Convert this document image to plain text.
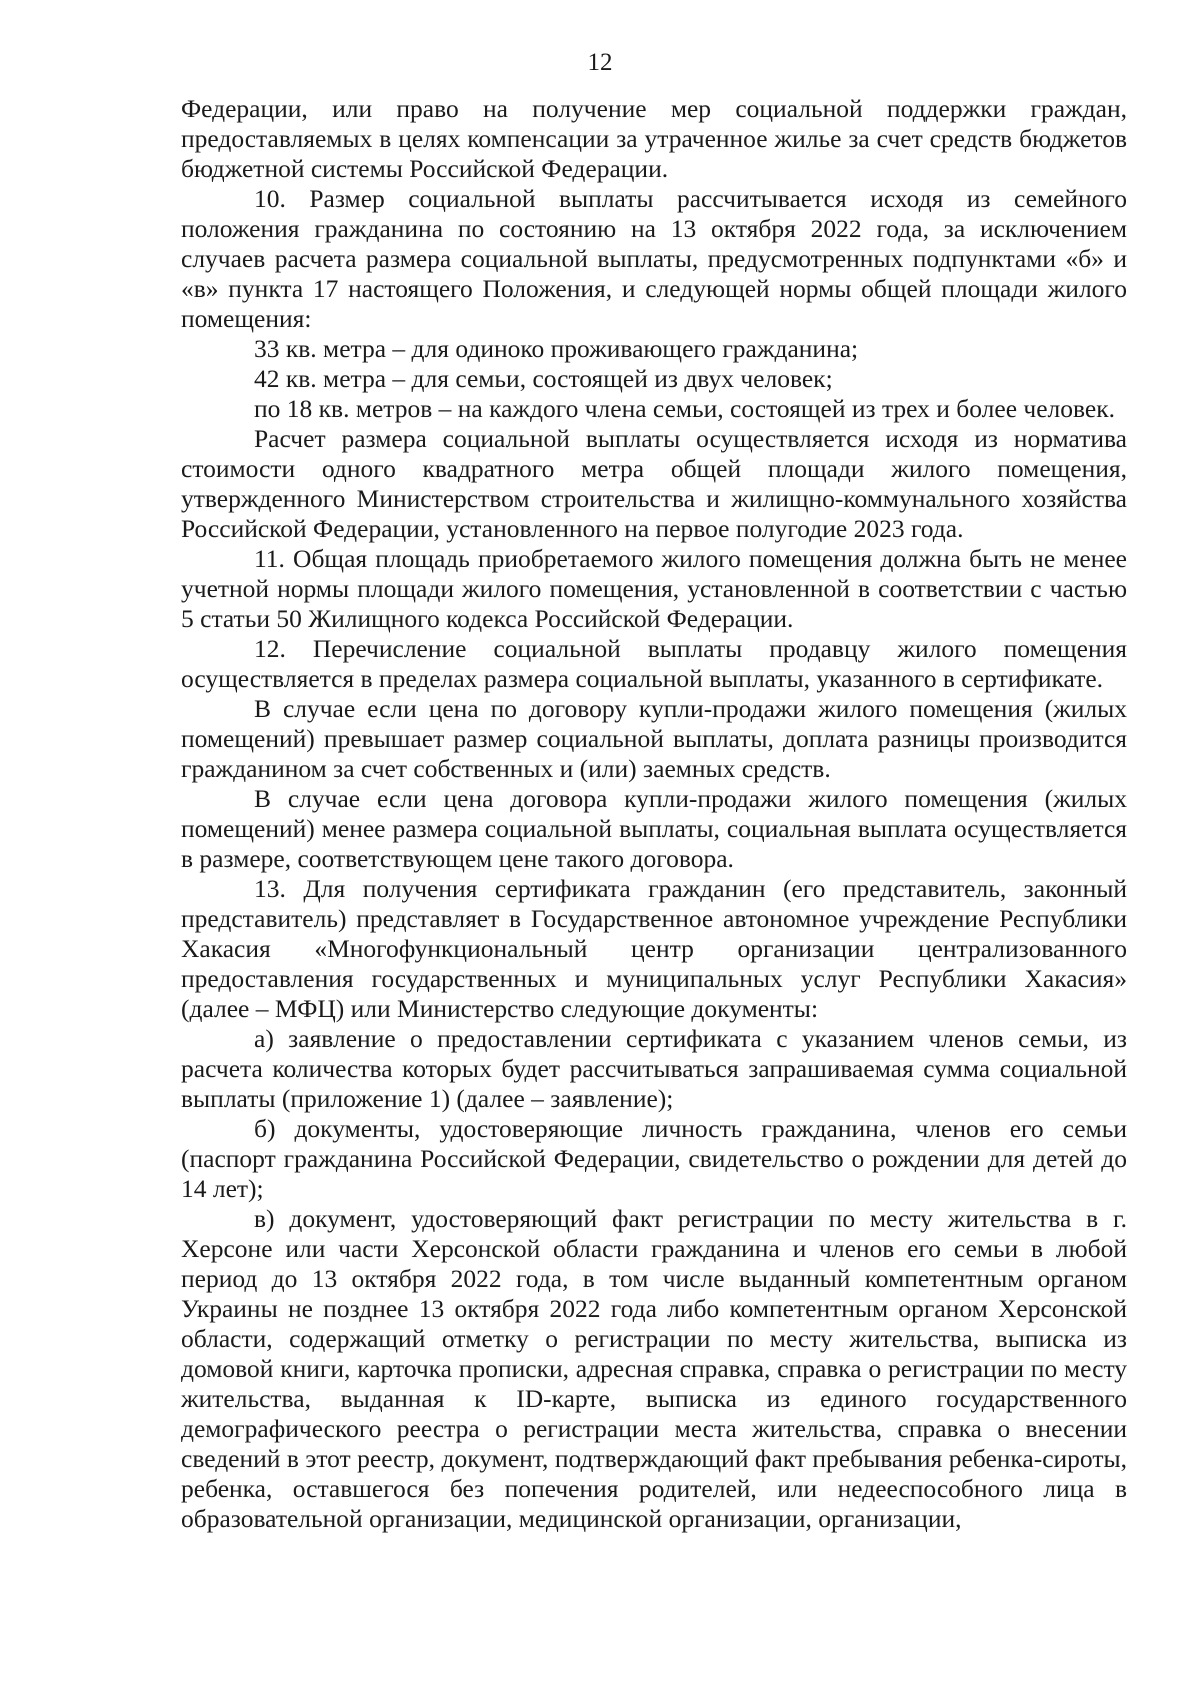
12

Федерации, или право на получение мер социальной поддержки граждан, предоставляемых в целях компенсации за утраченное жилье за счет средств бюджетов бюджетной системы Российской Федерации.

10. Размер социальной выплаты рассчитывается исходя из семейного положения гражданина по состоянию на 13 октября 2022 года, за исключением случаев расчета размера социальной выплаты, предусмотренных подпунктами «б» и «в» пункта 17 настоящего Положения, и следующей нормы общей площади жилого помещения:

33 кв. метра – для одиноко проживающего гражданина;

42 кв. метра – для семьи, состоящей из двух человек;

по 18 кв. метров – на каждого члена семьи, состоящей из трех и более человек.

Расчет размера социальной выплаты осуществляется исходя из норматива стоимости одного квадратного метра общей площади жилого помещения, утвержденного Министерством строительства и жилищно-коммунального хозяйства Российской Федерации, установленного на первое полугодие 2023 года.

11. Общая площадь приобретаемого жилого помещения должна быть не менее учетной нормы площади жилого помещения, установленной в соответствии с частью 5 статьи 50 Жилищного кодекса Российской Федерации.

12. Перечисление социальной выплаты продавцу жилого помещения осуществляется в пределах размера социальной выплаты, указанного в сертификате.

В случае если цена по договору купли-продажи жилого помещения (жилых помещений) превышает размер социальной выплаты, доплата разницы производится гражданином за счет собственных и (или) заемных средств.

В случае если цена договора купли-продажи жилого помещения (жилых помещений) менее размера социальной выплаты, социальная выплата осуществляется в размере, соответствующем цене такого договора.

13. Для получения сертификата гражданин (его представитель, законный представитель) представляет в Государственное автономное учреждение Республики Хакасия «Многофункциональный центр организации централизованного предоставления государственных и муниципальных услуг Республики Хакасия» (далее – МФЦ) или Министерство следующие документы:

а) заявление о предоставлении сертификата с указанием членов семьи, из расчета количества которых будет рассчитываться запрашиваемая сумма социальной выплаты (приложение 1) (далее – заявление);

б) документы, удостоверяющие личность гражданина, членов его семьи (паспорт гражданина Российской Федерации, свидетельство о рождении для детей до 14 лет);

в) документ, удостоверяющий факт регистрации по месту жительства в г. Херсоне или части Херсонской области гражданина и членов его семьи в любой период до 13 октября 2022 года, в том числе выданный компетентным органом Украины не позднее 13 октября 2022 года либо компетентным органом Херсонской области, содержащий отметку о регистрации по месту жительства, выписка из домовой книги, карточка прописки, адресная справка, справка о регистрации по месту жительства, выданная к ID-карте, выписка из единого государственного демографического реестра о регистрации места жительства, справка о внесении сведений в этот реестр, документ, подтверждающий факт пребывания ребенка-сироты, ребенка, оставшегося без попечения родителей, или недееспособного лица в образовательной организации, медицинской организации, организации,
